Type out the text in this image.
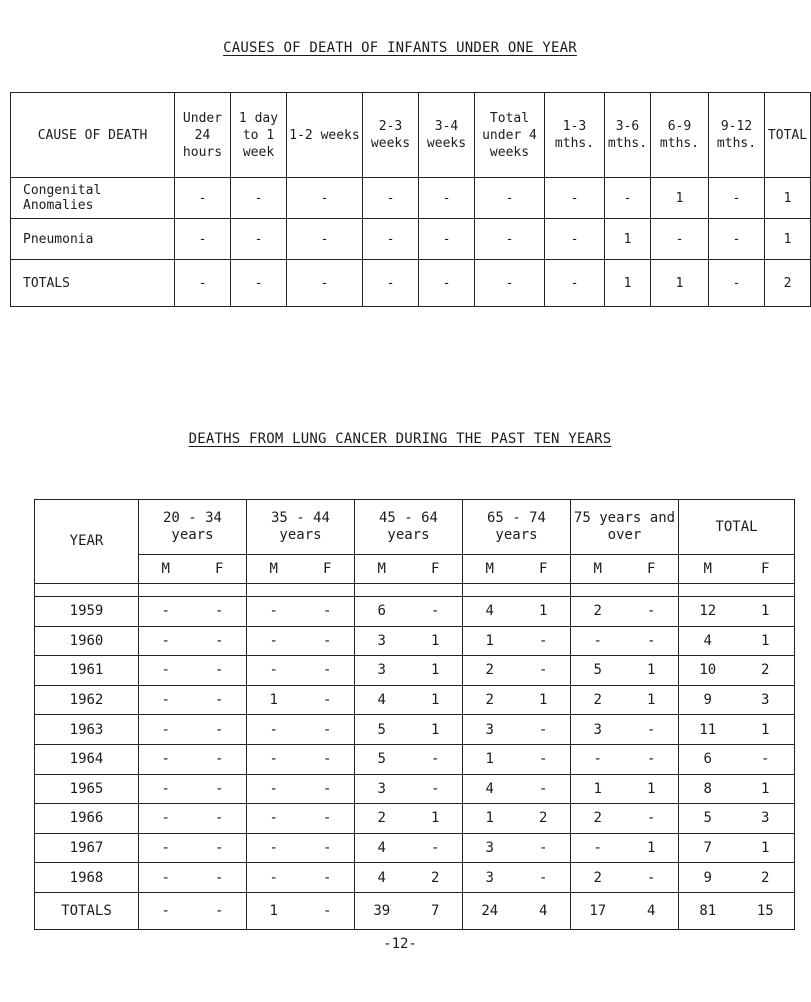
CAUSES OF DEATH OF INFANTS UNDER ONE YEAR
CAUSE OF DEATH	Under 24 hours	1 day to 1 week	1-2 weeks	2-3 weeks	3-4 weeks	Total under 4 weeks	1-3 mths.	3-6 mths.	6-9 mths.	9-12 mths.	TOTAL
Congenital Anomalies	-	-	-	-	-	-	-	-	1	-	1
Pneumonia	-	-	-	-	-	-	-	1	-	-	1
TOTALS	-	-	-	-	-	-	-	1	1	-	2
DEATHS FROM LUNG CANCER DURING THE PAST TEN YEARS
YEAR	20 - 34 years	35 - 44 years	45 - 64 years	65 - 74 years	75 years and over	TOTAL
	M F	M F	M F	M F	M F	M F

1959	- -	- -	6 -	4 1	2 -	12 1
1960	- -	- -	3 1	1 -	- -	4 1
1961	- -	- -	3 1	2 -	5 1	10 2
1962	- -	1 -	4 1	2 1	2 1	9 3
1963	- -	- -	5 1	3 -	3 -	11 1
1964	- -	- -	5 -	1 -	- -	6 -
1965	- -	- -	3 -	4 -	1 1	8 1
1966	- -	- -	2 1	1 2	2 -	5 3
1967	- -	- -	4 -	3 -	- 1	7 1
1968	- -	- -	4 2	3 -	2 -	9 2
TOTALS	- -	1 -	39 7	24 4	17 4	81 15
-12-
